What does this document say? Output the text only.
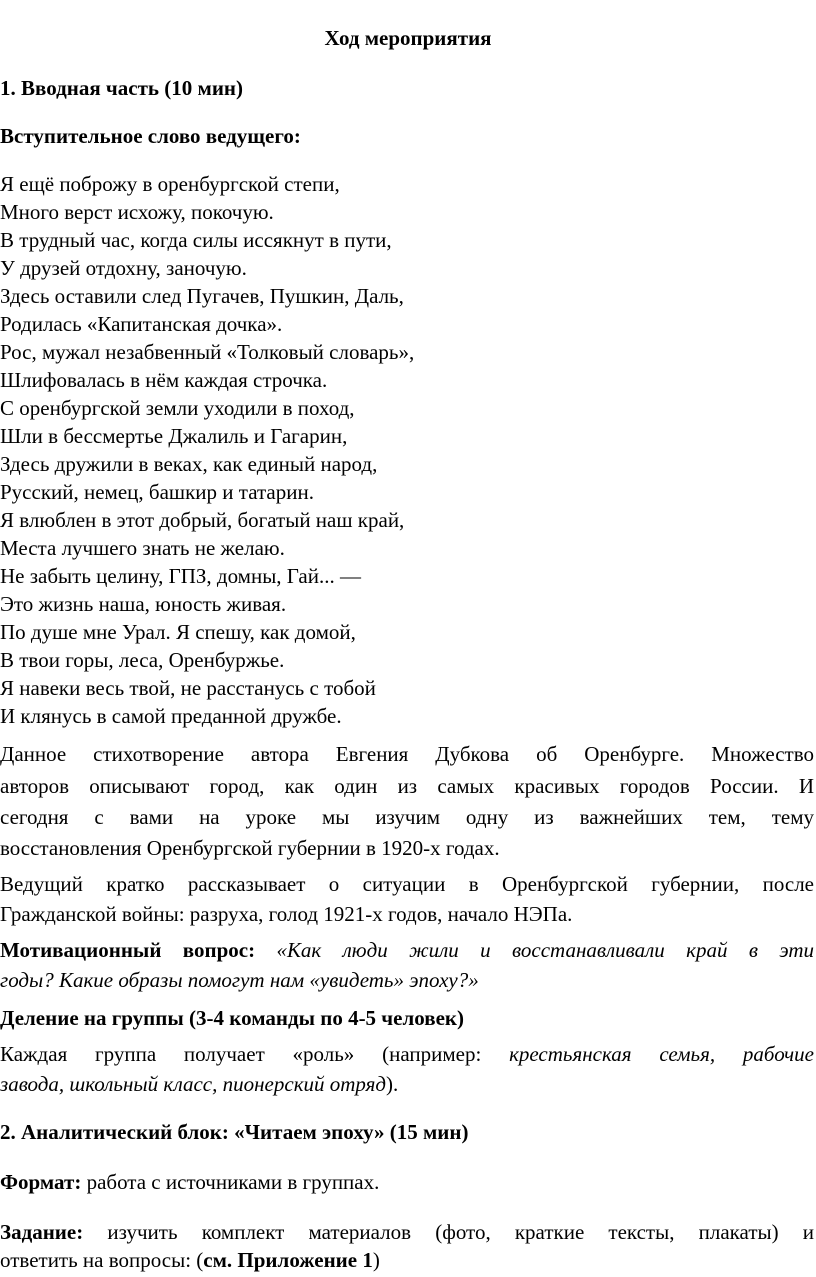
Ход мероприятия
1. Вводная часть (10 мин)
Вступительное слово ведущего:
Я ещё поброжу в оренбургской степи,
Много верст исхожу, покочую.
В трудный час, когда силы иссякнут в пути,
У друзей отдохну, заночую.
Здесь оставили след Пугачев, Пушкин, Даль,
Родилась «Капитанская дочка».
Рос, мужал незабвенный «Толковый словарь»,
Шлифовалась в нём каждая строчка.
С оренбургской земли уходили в поход,
Шли в бессмертье Джалиль и Гагарин,
Здесь дружили в веках, как единый народ,
Русский, немец, башкир и татарин.
Я влюблен в этот добрый, богатый наш край,
Места лучшего знать не желаю.
Не забыть целину, ГПЗ, домны, Гай... —
Это жизнь наша, юность живая.
По душе мне Урал. Я спешу, как домой,
В твои горы, леса, Оренбуржье.
Я навеки весь твой, не расстанусь с тобой
И клянусь в самой преданной дружбе.
Данное стихотворение автора Евгения Дубкова об Оренбурге. Множество
авторов описывают город, как один из самых красивых городов России. И
сегодня с вами на уроке мы изучим одну из важнейших тем, тему
восстановления Оренбургской губернии в 1920-х годах.
Ведущий кратко рассказывает о ситуации в Оренбургской губернии, после
Гражданской войны: разруха, голод 1921-х годов, начало НЭПа.
Мотивационный вопрос: «Как люди жили и восстанавливали край в эти
годы? Какие образы помогут нам «увидеть» эпоху?»
Деление на группы (3-4 команды по 4-5 человек)
Каждая группа получает «роль» (например: крестьянская семья, рабочие
завода, школьный класс, пионерский отряд).
2. Аналитический блок: «Читаем эпоху» (15 мин)
Формат: работа с источниками в группах.
Задание: изучить комплект материалов (фото, краткие тексты, плакаты) и
ответить на вопросы: (см. Приложение 1)
